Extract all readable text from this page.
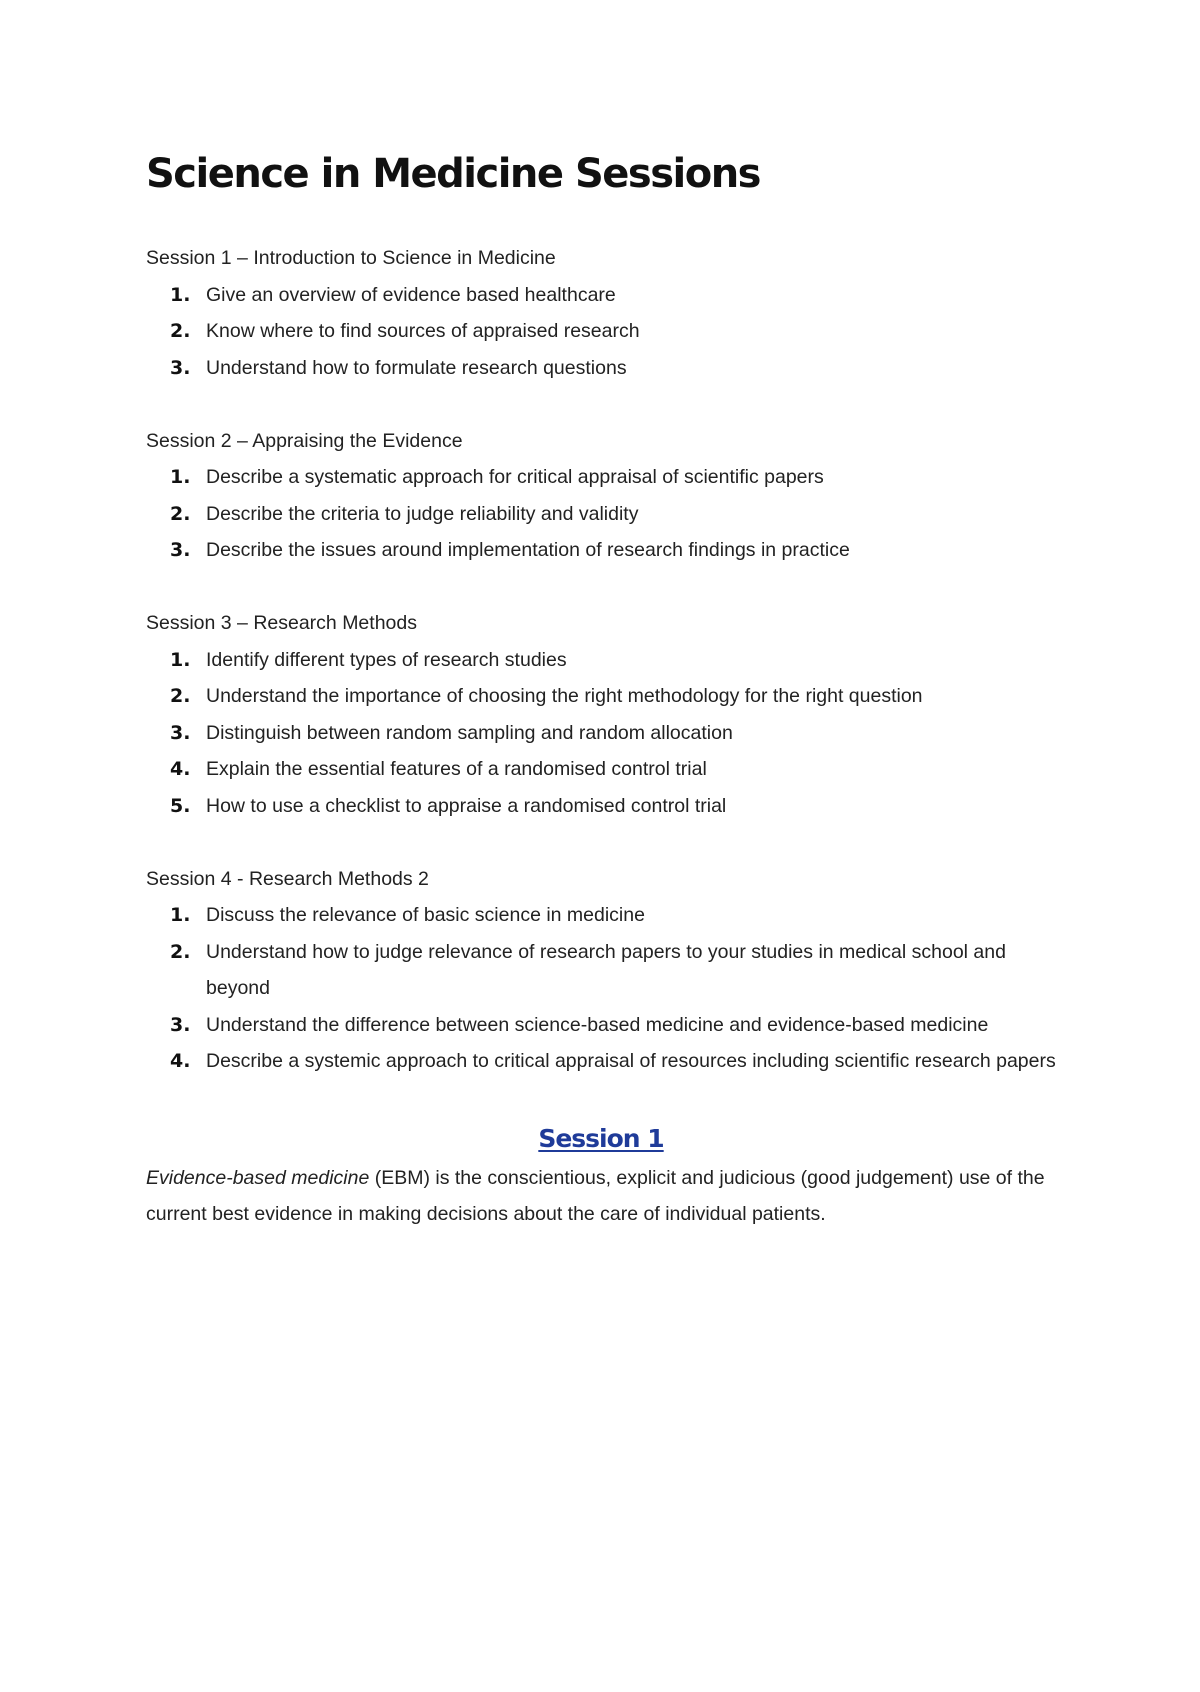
Science in Medicine Sessions
Session 1 – Introduction to Science in Medicine
1. Give an overview of evidence based healthcare
2. Know where to find sources of appraised research
3. Understand how to formulate research questions
Session 2 – Appraising the Evidence
1. Describe a systematic approach for critical appraisal of scientific papers
2. Describe the criteria to judge reliability and validity
3. Describe the issues around implementation of research findings in practice
Session 3 – Research Methods
1. Identify different types of research studies
2. Understand the importance of choosing the right methodology for the right question
3. Distinguish between random sampling and random allocation
4. Explain the essential features of a randomised control trial
5. How to use a checklist to appraise a randomised control trial
Session 4 - Research Methods 2
1. Discuss the relevance of basic science in medicine
2. Understand how to judge relevance of research papers to your studies in medical school and beyond
3. Understand the difference between science-based medicine and evidence-based medicine
4. Describe a systemic approach to critical appraisal of resources including scientific research papers
Session 1

Evidence-based medicine (EBM) is the conscientious, explicit and judicious (good judgement) use of the current best evidence in making decisions about the care of individual patients.
